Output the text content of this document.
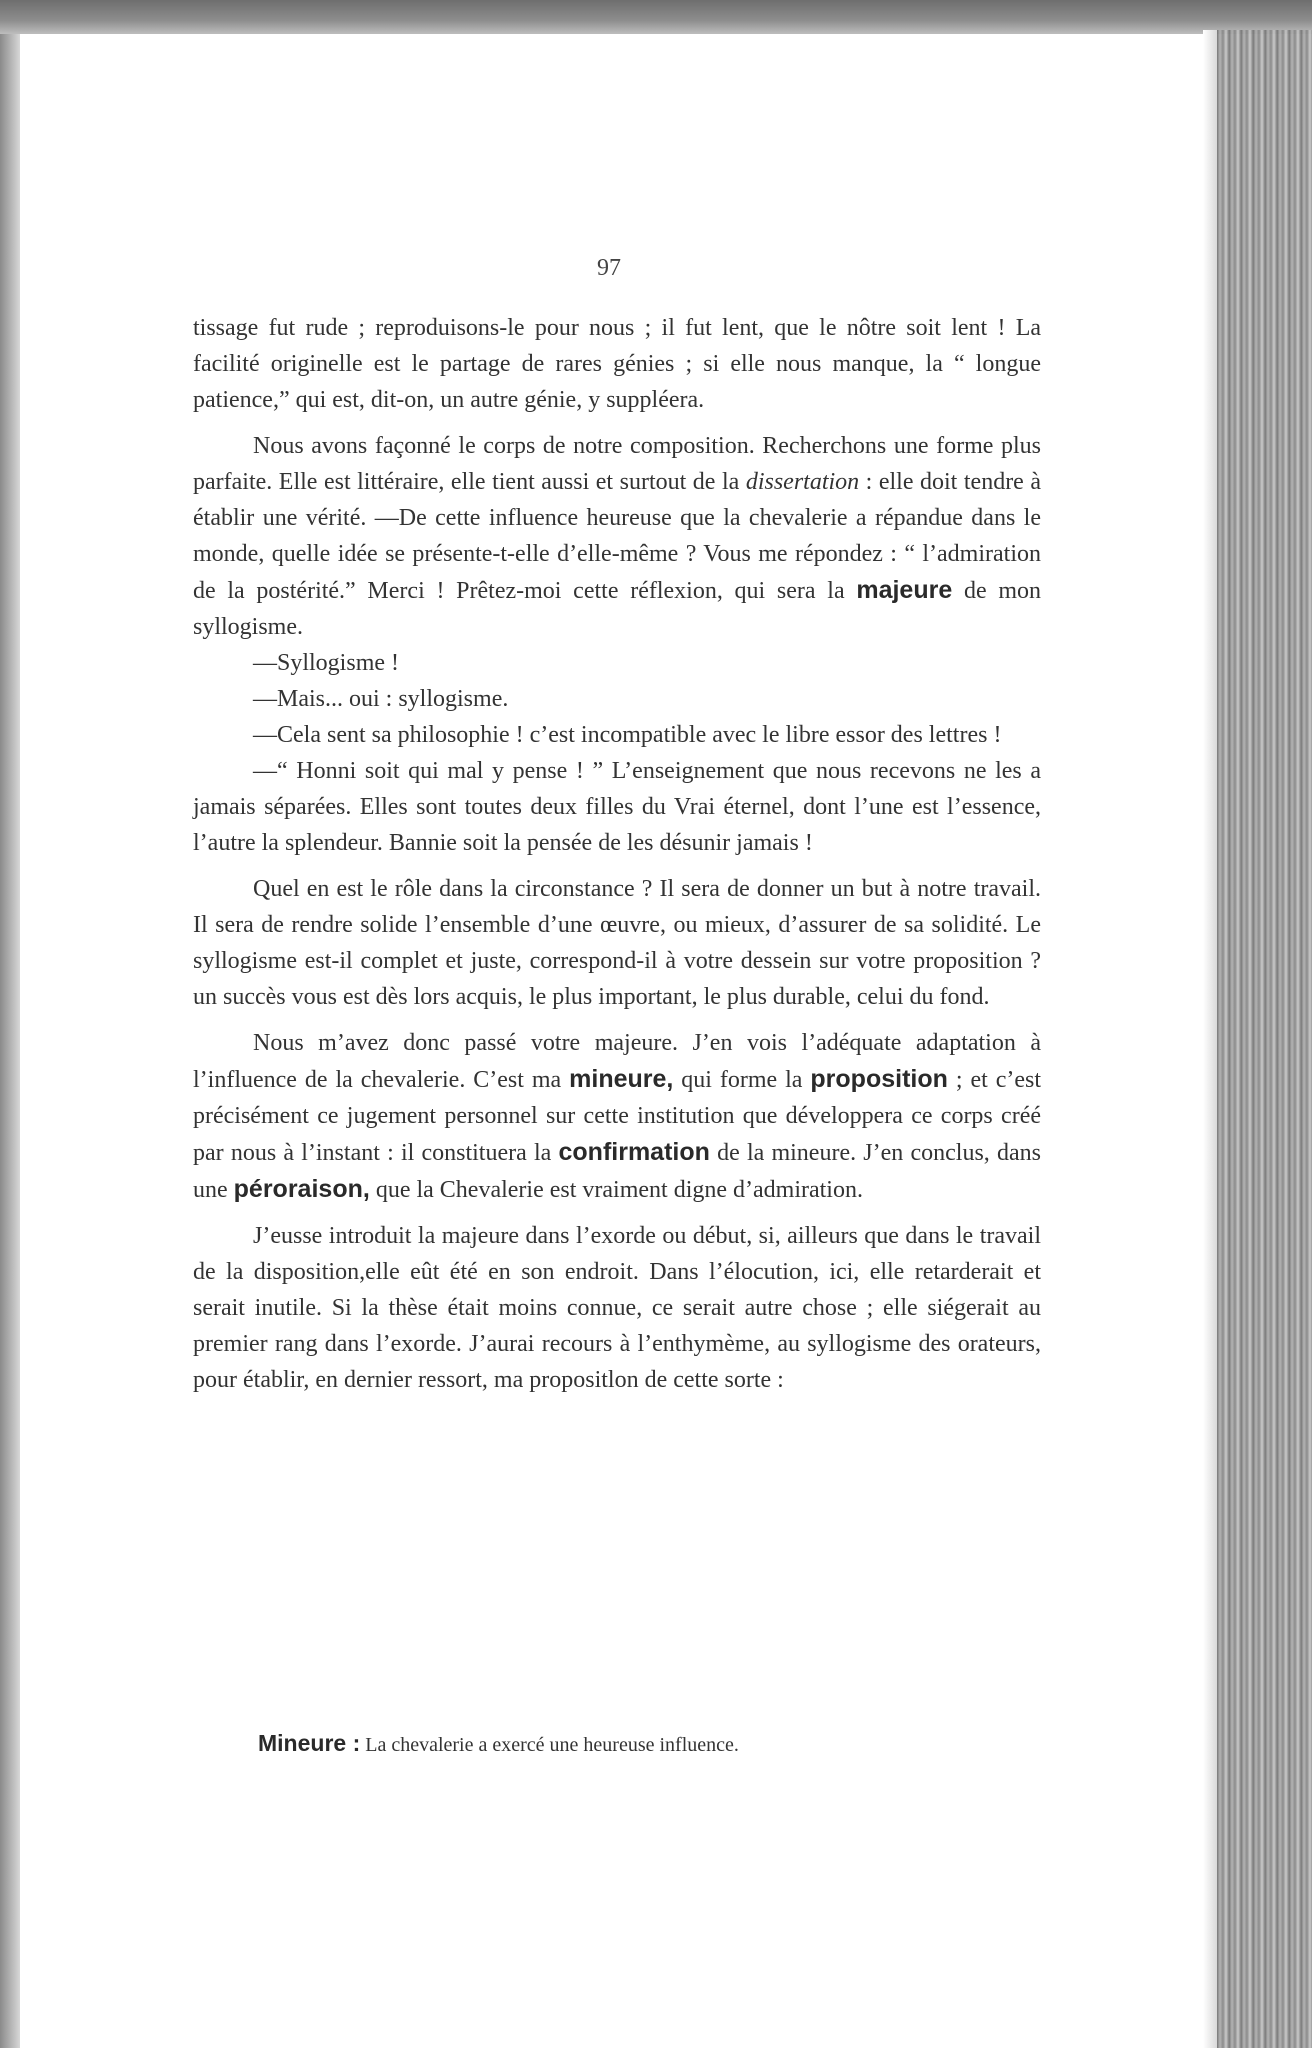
97

tissage fut rude ; reproduisons-le pour nous ; il fut lent, que le nôtre soit lent ! La facilité originelle est le partage de rares génies ; si elle nous manque, la “ longue patience,” qui est, dit-on, un autre génie, y suppléera.

Nous avons façonné le corps de notre composition. Recherchons une forme plus parfaite. Elle est littéraire, elle tient aussi et surtout de la dissertation : elle doit tendre à établir une vérité. —De cette influence heureuse que la chevalerie a répandue dans le monde, quelle idée se présente-t-elle d’elle-même ? Vous me répondez : “ l’admiration de la postérité.” Merci ! Prêtez-moi cette réflexion, qui sera la majeure de mon syllogisme.

—Syllogisme !

—Mais... oui : syllogisme.

—Cela sent sa philosophie ! c’est incompatible avec le libre essor des lettres !

—“ Honni soit qui mal y pense ! ” L’enseignement que nous recevons ne les a jamais séparées. Elles sont toutes deux filles du Vrai éternel, dont l’une est l’essence, l’autre la splendeur. Bannie soit la pensée de les désunir jamais !

Quel en est le rôle dans la circonstance ? Il sera de donner un but à notre travail. Il sera de rendre solide l’ensemble d’une œuvre, ou mieux, d’assurer de sa solidité. Le syllogisme est-il complet et juste, correspond-il à votre dessein sur votre proposition ? un succès vous est dès lors acquis, le plus important, le plus durable, celui du fond.

Nous m’avez donc passé votre majeure. J’en vois l’adéquate adaptation à l’influence de la chevalerie. C’est ma mineure, qui forme la proposition ; et c’est précisément ce jugement personnel sur cette institution que développera ce corps créé par nous à l’instant : il constituera la confirmation de la mineure. J’en conclus, dans une péroraison, que la Chevalerie est vraiment digne d’admiration.

J’eusse introduit la majeure dans l’exorde ou début, si, ailleurs que dans le travail de la disposition,elle eût été en son endroit. Dans l’élocution, ici, elle retarderait et serait inutile. Si la thèse était moins connue, ce serait autre chose ; elle siégerait au premier rang dans l’exorde. J’aurai recours à l’enthymème, au syllogisme des orateurs, pour établir, en dernier ressort, ma propositlon de cette sorte :

Mineure : La chevalerie a exercé une heureuse influence.
